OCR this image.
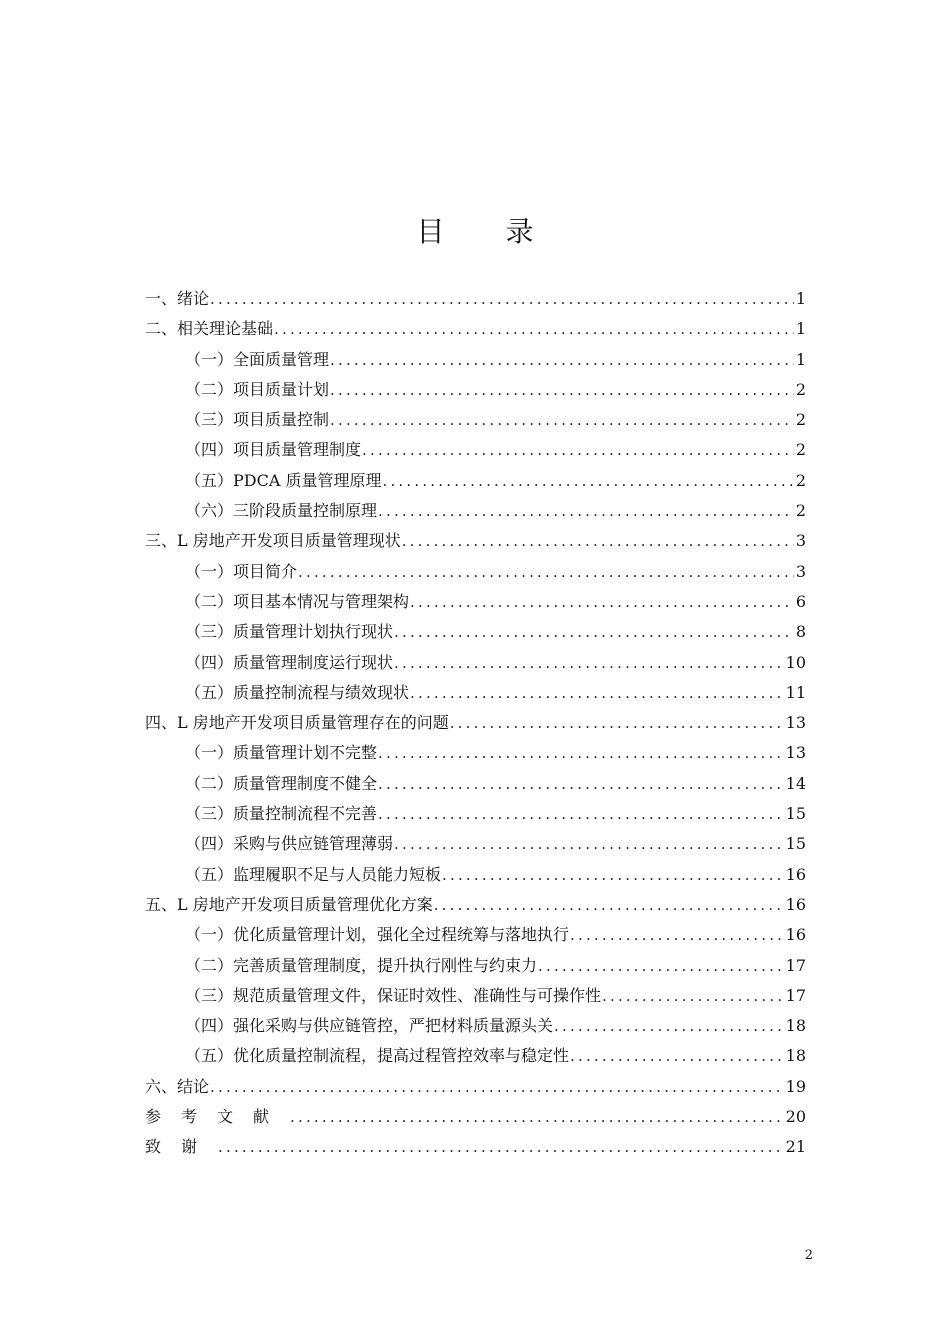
目 录
一、绪论 .....	1
二、相关理论基础 .....	1
（一）全面质量管理 .....	1
（二）项目质量计划 .....	2
（三）项目质量控制 .....	2
（四）项目质量管理制度 .....	2
（五）PDCA 质量管理原理 .....	2
（六）三阶段质量控制原理 .....	2
三、L 房地产开发项目质量管理现状 .....	3
（一）项目简介 .....	3
（二）项目基本情况与管理架构 .....	6
（三）质量管理计划执行现状 .....	8
（四）质量管理制度运行现状 .....	10
（五）质量控制流程与绩效现状 .....	11
四、L 房地产开发项目质量管理存在的问题 .....	13
（一）质量管理计划不完整 .....	13
（二）质量管理制度不健全 .....	14
（三）质量控制流程不完善 .....	15
（四）采购与供应链管理薄弱 .....	15
（五）监理履职不足与人员能力短板 .....	16
五、L 房地产开发项目质量管理优化方案 .....	16
（一）优化质量管理计划，强化全过程统筹与落地执行 .....	16
（二）完善质量管理制度，提升执行刚性与约束力 .....	17
（三）规范质量管理文件，保证时效性、准确性与可操作性 .....	17
（四）强化采购与供应链管控，严把材料质量源头关 .....	18
（五）优化质量控制流程，提高过程管控效率与稳定性 .....	18
六、结论 .....	19
参考文献 .....	20
致谢 .....	21
2
